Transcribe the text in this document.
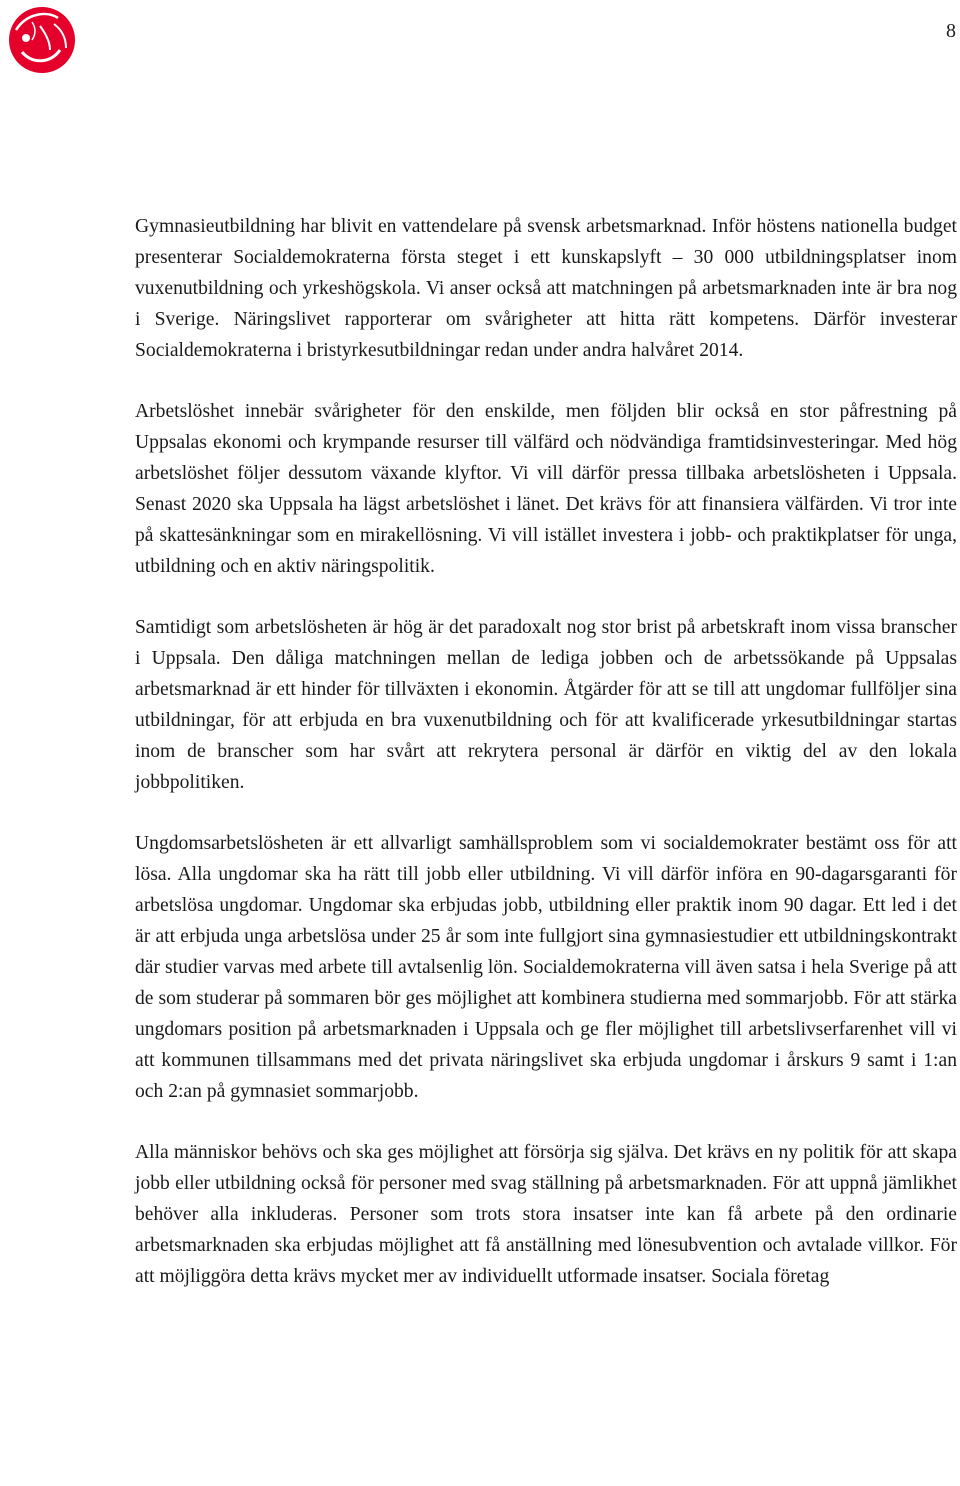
8

Gymnasieutbildning har blivit en vattendelare på svensk arbetsmarknad. Inför höstens nationella budget presenterar Socialdemokraterna första steget i ett kunskapslyft – 30 000 utbildningsplatser inom vuxenutbildning och yrkeshögskola. Vi anser också att matchningen på arbetsmarknaden inte är bra nog i Sverige. Näringslivet rapporterar om svårigheter att hitta rätt kompetens. Därför investerar Socialdemokraterna i bristyrkesutbildningar redan under andra halvåret 2014.

Arbetslöshet innebär svårigheter för den enskilde, men följden blir också en stor påfrestning på Uppsalas ekonomi och krympande resurser till välfärd och nödvändiga framtidsinvesteringar. Med hög arbetslöshet följer dessutom växande klyftor. Vi vill därför pressa tillbaka arbetslösheten i Uppsala. Senast 2020 ska Uppsala ha lägst arbetslöshet i länet. Det krävs för att finansiera välfärden. Vi tror inte på skattesänkningar som en mirakellösning. Vi vill istället investera i jobb- och praktikplatser för unga, utbildning och en aktiv näringspolitik.

Samtidigt som arbetslösheten är hög är det paradoxalt nog stor brist på arbetskraft inom vissa branscher i Uppsala. Den dåliga matchningen mellan de lediga jobben och de arbetssökande på Uppsalas arbetsmarknad är ett hinder för tillväxten i ekonomin. Åtgärder för att se till att ungdomar fullföljer sina utbildningar, för att erbjuda en bra vuxenutbildning och för att kvalificerade yrkesutbildningar startas inom de branscher som har svårt att rekrytera personal är därför en viktig del av den lokala jobbpolitiken.

Ungdomsarbetslösheten är ett allvarligt samhällsproblem som vi socialdemokrater bestämt oss för att lösa. Alla ungdomar ska ha rätt till jobb eller utbildning. Vi vill därför införa en 90-dagarsgaranti för arbetslösa ungdomar. Ungdomar ska erbjudas jobb, utbildning eller praktik inom 90 dagar. Ett led i det är att erbjuda unga arbetslösa under 25 år som inte fullgjort sina gymnasiestudier ett utbildningskontrakt där studier varvas med arbete till avtalsenlig lön. Socialdemokraterna vill även satsa i hela Sverige på att de som studerar på sommaren bör ges möjlighet att kombinera studierna med sommarjobb. För att stärka ungdomars position på arbetsmarknaden i Uppsala och ge fler möjlighet till arbetslivserfarenhet vill vi att kommunen tillsammans med det privata näringslivet ska erbjuda ungdomar i årskurs 9 samt i 1:an och 2:an på gymnasiet sommarjobb.

Alla människor behövs och ska ges möjlighet att försörja sig själva. Det krävs en ny politik för att skapa jobb eller utbildning också för personer med svag ställning på arbetsmarknaden. För att uppnå jämlikhet behöver alla inkluderas. Personer som trots stora insatser inte kan få arbete på den ordinarie arbetsmarknaden ska erbjudas möjlighet att få anställning med lönesubvention och avtalade villkor. För att möjliggöra detta krävs mycket mer av individuellt utformade insatser. Sociala företag
